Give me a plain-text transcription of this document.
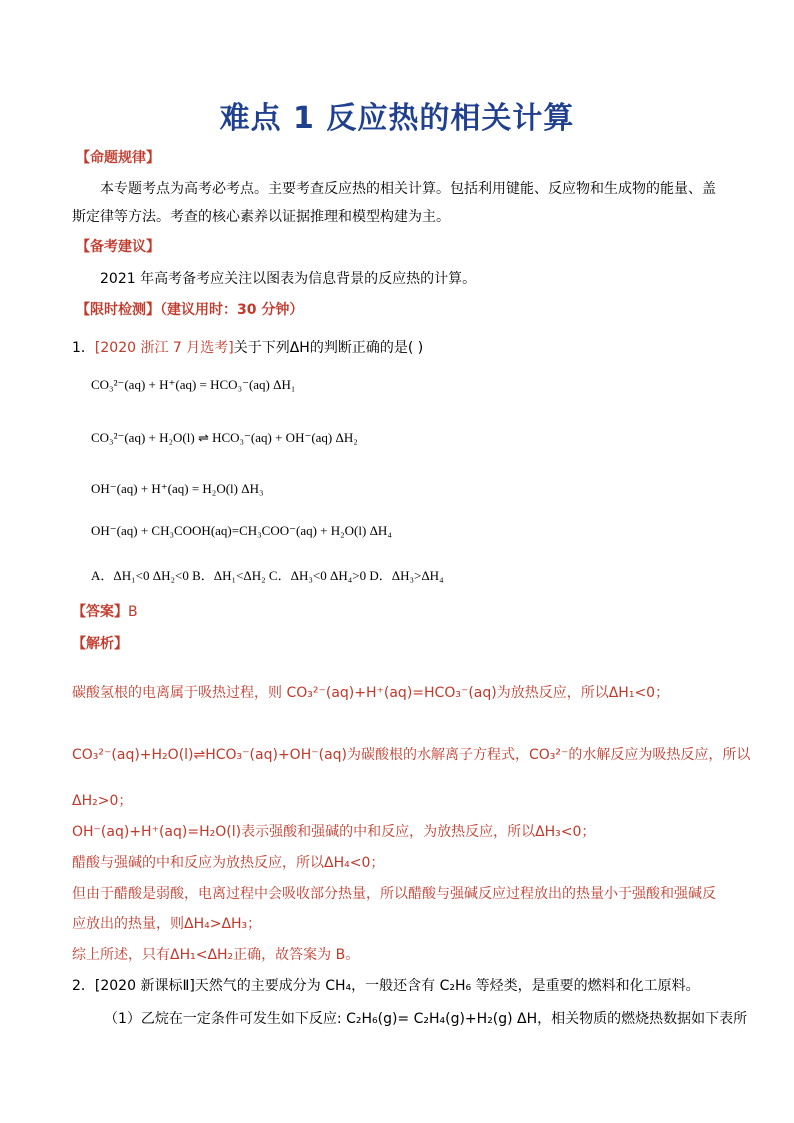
难点 1 反应热的相关计算
【命题规律】
本专题考点为高考必考点。主要考查反应热的相关计算。包括利用键能、反应物和生成物的能量、盖
斯定律等方法。考查的核心素养以证据推理和模型构建为主。
【备考建议】
2021 年高考备考应关注以图表为信息背景的反应热的计算。
【限时检测】（建议用时：30 分钟）
1．[2020 浙江 7 月选考]关于下列ΔH的判断正确的是( )
CO₃²⁻(aq) + H⁺(aq) = HCO₃⁻(aq) ΔH₁
CO₃²⁻(aq) + H₂O(l) ⇌ HCO₃⁻(aq) + OH⁻(aq) ΔH₂
OH⁻(aq) + H⁺(aq) = H₂O(l) ΔH₃
OH⁻(aq) + CH₃COOH(aq)=CH₃COO⁻(aq) + H₂O(l) ΔH₄
A．ΔH₁<0 ΔH₂<0 B．ΔH₁<ΔH₂ C．ΔH₃<0 ΔH₄>0 D．ΔH₃>ΔH₄
【答案】B
【解析】
碳酸氢根的电离属于吸热过程，则 CO₃²⁻(aq)+H⁺(aq)=HCO₃⁻(aq)为放热反应，所以ΔH₁<0；
CO₃²⁻(aq)+H₂O(l)⇌HCO₃⁻(aq)+OH⁻(aq)为碳酸根的水解离子方程式，CO₃²⁻的水解反应为吸热反应，所以
ΔH₂>0；
OH⁻(aq)+H⁺(aq)=H₂O(l)表示强酸和强碱的中和反应，为放热反应，所以ΔH₃<0；
醋酸与强碱的中和反应为放热反应，所以ΔH₄<0；
但由于醋酸是弱酸，电离过程中会吸收部分热量，所以醋酸与强碱反应过程放出的热量小于强酸和强碱反
应放出的热量，则ΔH₄>ΔH₃；
综上所述，只有ΔH₁<ΔH₂正确，故答案为 B。
2．[2020 新课标Ⅱ]天然气的主要成分为 CH₄，一般还含有 C₂H₆ 等烃类，是重要的燃料和化工原料。
（1）乙烷在一定条件可发生如下反应: C₂H₆(g)= C₂H₄(g)+H₂(g) ΔH，相关物质的燃烧热数据如下表所
